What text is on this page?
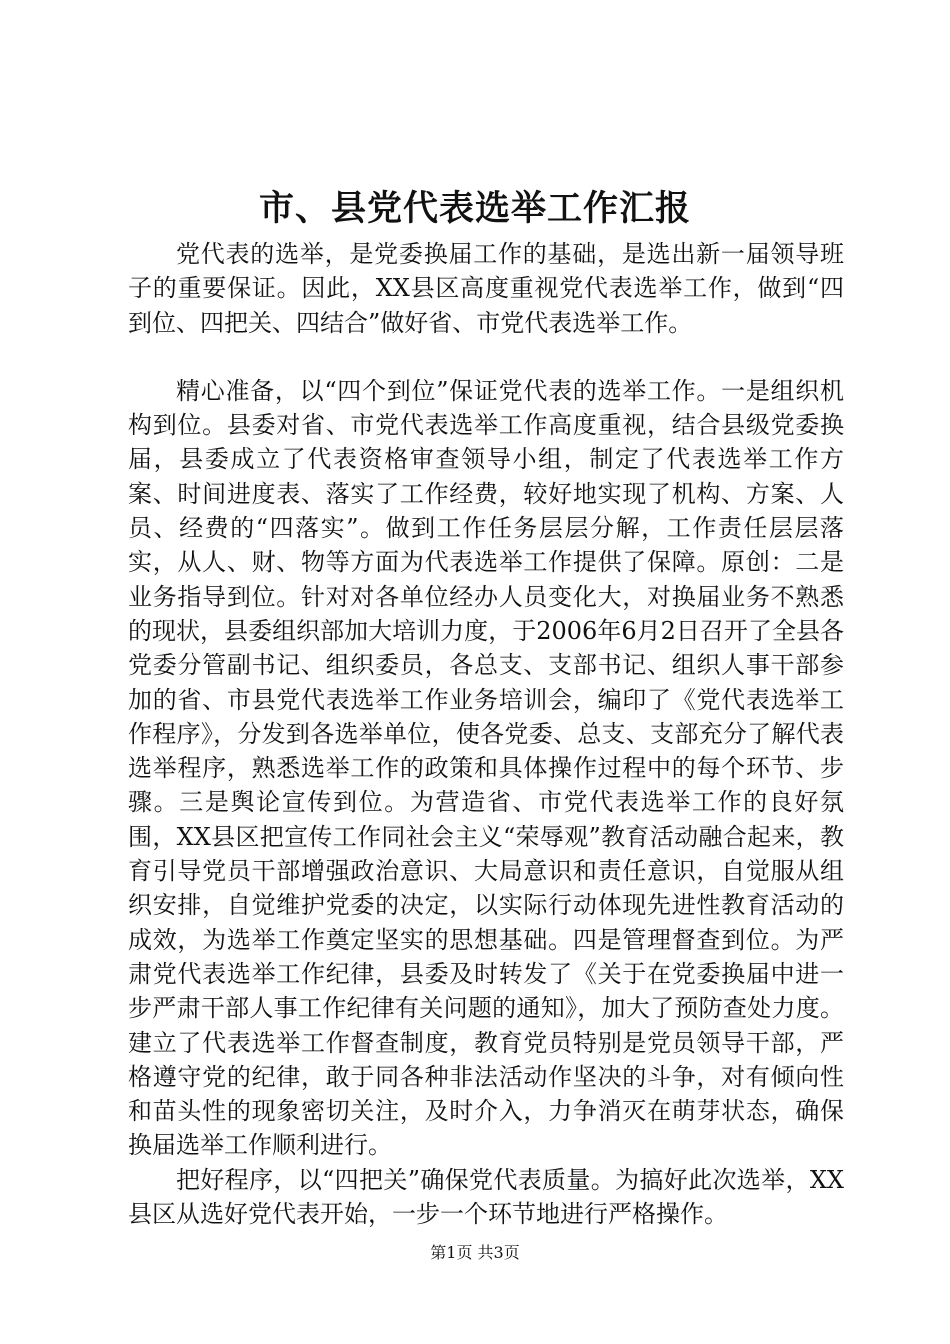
市、县党代表选举工作汇报

党代表的选举，是党委换届工作的基础，是选出新一届领导班子的重要保证。因此，XX县区高度重视党代表选举工作，做到“四到位、四把关、四结合”做好省、市党代表选举工作。

精心准备，以“四个到位”保证党代表的选举工作。一是组织机构到位。县委对省、市党代表选举工作高度重视，结合县级党委换届，县委成立了代表资格审查领导小组，制定了代表选举工作方案、时间进度表、落实了工作经费，较好地实现了机构、方案、人员、经费的“四落实”。做到工作任务层层分解，工作责任层层落实，从人、财、物等方面为代表选举工作提供了保障。原创：二是业务指导到位。针对对各单位经办人员变化大，对换届业务不熟悉的现状，县委组织部加大培训力度，于2006年6月2日召开了全县各党委分管副书记、组织委员，各总支、支部书记、组织人事干部参加的省、市县党代表选举工作业务培训会，编印了《党代表选举工作程序》，分发到各选举单位，使各党委、总支、支部充分了解代表选举程序，熟悉选举工作的政策和具体操作过程中的每个环节、步骤。三是舆论宣传到位。为营造省、市党代表选举工作的良好氛围，XX县区把宣传工作同社会主义“荣辱观”教育活动融合起来，教育引导党员干部增强政治意识、大局意识和责任意识，自觉服从组织安排，自觉维护党委的决定，以实际行动体现先进性教育活动的成效，为选举工作奠定坚实的思想基础。四是管理督查到位。为严肃党代表选举工作纪律，县委及时转发了《关于在党委换届中进一步严肃干部人事工作纪律有关问题的通知》，加大了预防查处力度。建立了代表选举工作督查制度，教育党员特别是党员领导干部，严格遵守党的纪律，敢于同各种非法活动作坚决的斗争，对有倾向性和苗头性的现象密切关注，及时介入，力争消灭在萌芽状态，确保换届选举工作顺利进行。

把好程序，以“四把关”确保党代表质量。为搞好此次选举，XX县区从选好党代表开始，一步一个环节地进行严格操作。

第1页 共3页
